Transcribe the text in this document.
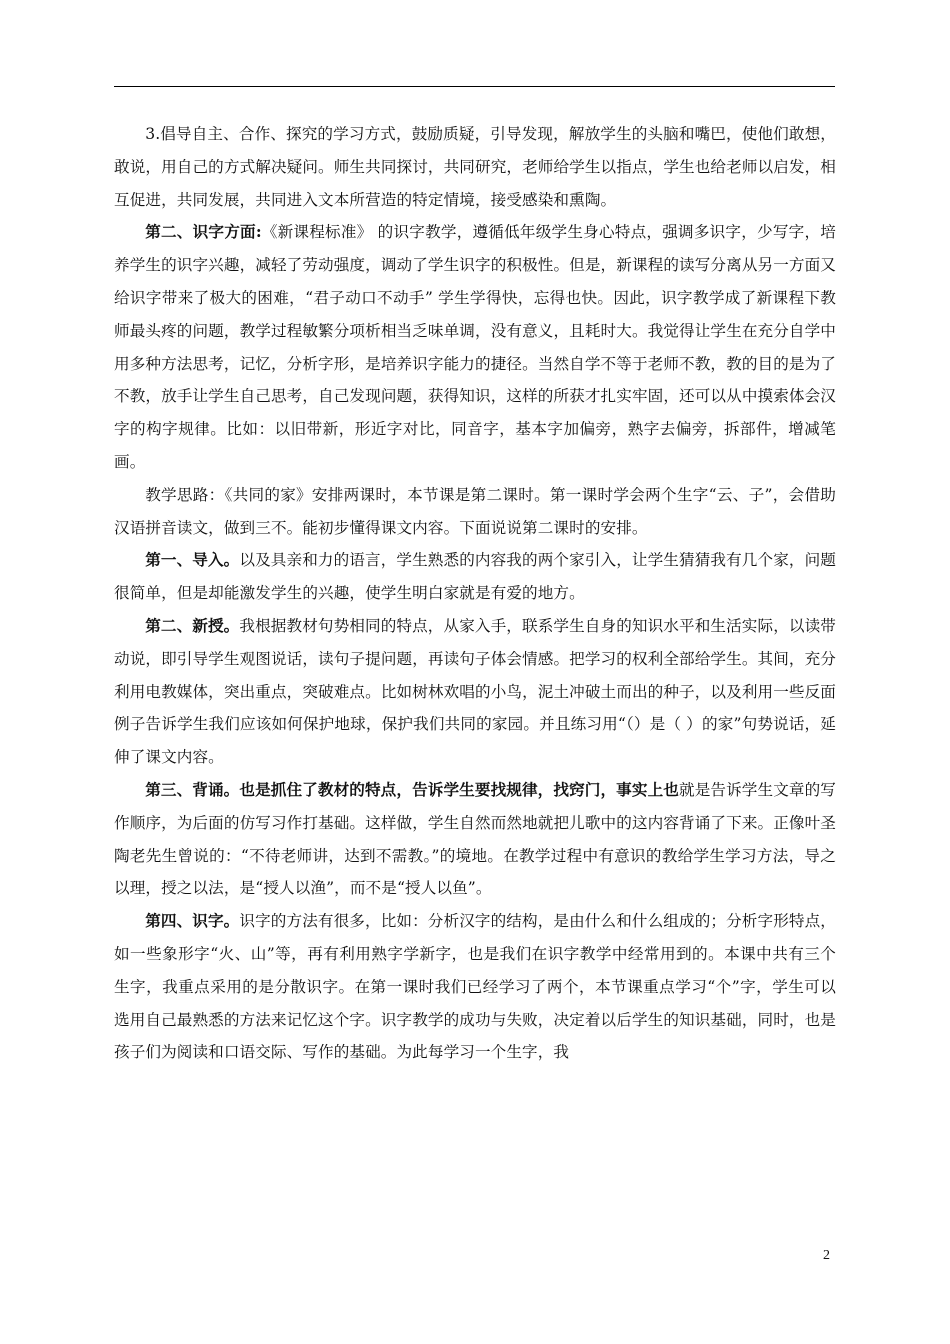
3.倡导自主、合作、探究的学习方式，鼓励质疑，引导发现，解放学生的头脑和嘴巴，使他们敢想，敢说，用自己的方式解决疑问。师生共同探讨，共同研究，老师给学生以指点，学生也给老师以启发，相互促进，共同发展，共同进入文本所营造的特定情境，接受感染和熏陶。

第二、识字方面:《新课程标准》 的识字教学，遵循低年级学生身心特点，强调多识字，少写字，培养学生的识字兴趣，减轻了劳动强度，调动了学生识字的积极性。但是，新课程的读写分离从另一方面又给识字带来了极大的困难，“君子动口不动手” 学生学得快，忘得也快。因此，识字教学成了新课程下教师最头疼的问题，教学过程敏繁分项析相当乏味单调，没有意义，且耗时大。我觉得让学生在充分自学中用多种方法思考，记忆，分析字形，是培养识字能力的捷径。当然自学不等于老师不教，教的目的是为了不教，放手让学生自己思考，自己发现问题，获得知识，这样的所获才扎实牢固，还可以从中摸索体会汉字的构字规律。比如：以旧带新，形近字对比，同音字，基本字加偏旁，熟字去偏旁，拆部件，增减笔画。

教学思路：《共同的家》安排两课时，本节课是第二课时。第一课时学会两个生字“云、子”，会借助汉语拼音读文，做到三不。能初步懂得课文内容。下面说说第二课时的安排。

第一、导入。以及具亲和力的语言，学生熟悉的内容我的两个家引入，让学生猜猜我有几个家，问题很简单，但是却能激发学生的兴趣，使学生明白家就是有爱的地方。

第二、新授。我根据教材句势相同的特点，从家入手，联系学生自身的知识水平和生活实际，以读带动说，即引导学生观图说话，读句子提问题，再读句子体会情感。把学习的权利全部给学生。其间，充分利用电教媒体，突出重点，突破难点。比如树林欢唱的小鸟，泥土冲破土而出的种子，以及利用一些反面例子告诉学生我们应该如何保护地球，保护我们共同的家园。并且练习用“（）是（ ）的家”句势说话，延伸了课文内容。

第三、背诵。也是抓住了教材的特点，告诉学生要找规律，找窍门，事实上也就是告诉学生文章的写作顺序，为后面的仿写习作打基础。这样做，学生自然而然地就把儿歌中的这内容背诵了下来。正像叶圣陶老先生曾说的：“不待老师讲，达到不需教。”的境地。在教学过程中有意识的教给学生学习方法，导之以理，授之以法，是“授人以渔”，而不是“授人以鱼”。

第四、识字。识字的方法有很多，比如：分析汉字的结构，是由什么和什么组成的；分析字形特点，如一些象形字“火、山”等，再有利用熟字学新字，也是我们在识字教学中经常用到的。本课中共有三个生字，我重点采用的是分散识字。在第一课时我们已经学习了两个，本节课重点学习“个”字，学生可以选用自己最熟悉的方法来记忆这个字。识字教学的成功与失败，决定着以后学生的知识基础，同时，也是孩子们为阅读和口语交际、写作的基础。为此每学习一个生字，我

2
